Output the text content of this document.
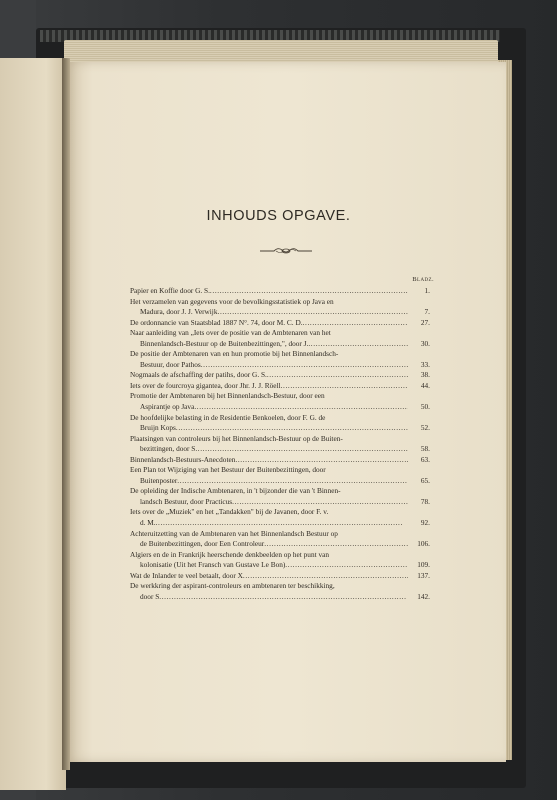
INHOUDS OPGAVE.
Bladz.
Papier en Koffie door G. S. . . .	1.
Het verzamelen van gegevens voor de bevolkingsstatistiek op Java en
Madura, door J. J. Verwijk . . .	7.
De ordonnancie van Staatsblad 1887 N°. 74, door M. C. D. . . .	27.
Naar aanleiding van „Iets over de positie van de Ambtenaren van het
Binnenlandsch-Bestuur op de Buitenbezittingen,", door J. . . .	30.
De positie der Ambtenaren van en hun promotie bij het Binnenlandsch-
Bestuur, door Pathos . . .	33.
Nogmaals de afschaffing der patihs, door G. S. . . .	38.
Iets over de fourcroya gigantea, door Jhr. J. J. Röell . . .	44.
Promotie der Ambtenaren bij het Binnenlandsch-Bestuur, door een
Aspirantje op Java . . .	50.
De hoofdelijke belasting in de Residentie Benkoelen, door F. G. de
Bruijn Kops . . .	52.
Plaatsingen van controleurs bij het Binnenlandsch-Bestuur op de Buiten-
bezittingen, door S . . .	58.
Binnenlandsch-Bestuurs-Anecdoten . . .	63.
Een Plan tot Wijziging van het Bestuur der Buitenbezittingen, door
Buitenposter . . .	65.
De opleiding der Indische Ambtenaren, in 't bijzonder die van 't Binnen-
landsch Bestuur, door Practicus . . .	78.
Iets over de „Muziek" en het „Tandakken" bij de Javanen, door F. v.
d. M. . . .	92.
Achteruitzetting van de Ambtenaren van het Binnenlandsch Bestuur op
de Buitenbezittingen, door Een Controleur . . .	106.
Algiers en de in Frankrijk heerschende denkbeelden op het punt van
kolonisatie (Uit het Fransch van Gustave Le Bon) . . .	109.
Wat de Inlander te veel betaalt, door X . . .	137.
De werkkring der aspirant-controleurs en ambtenaren ter beschikking,
door S . . .	142.
